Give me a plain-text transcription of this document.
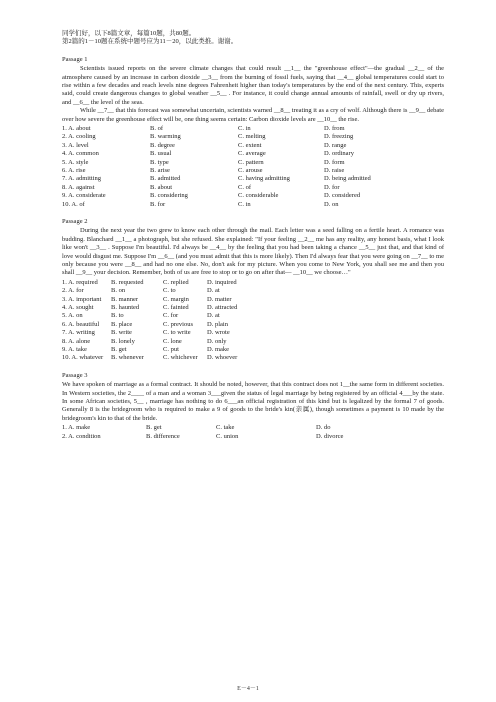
同学们好，以下8篇文章，每篇10题，共80题。

第2篇的1－10题在系统中题号应为11－20，以此类推。谢谢。

Passage 1

Scientists issued reports on the severe climate changes that could result __1__ the "greenhouse effect"—the gradual __2__ of the atmosphere caused by an increase in carbon dioxide __3__ from the burning of fossil fuels, saying that __4__ global temperatures could start to rise within a few decades and reach levels nine degrees Fahrenheit higher than today's temperatures by the end of the next century. This, experts said, could create dangerous changes to global weather __5__ . For instance, it could change annual amounts of rainfall, swell or dry up rivers, and __6__ the level of the seas.

While __7__ that this forecast was somewhat uncertain, scientists warned __8__ treating it as a cry of wolf. Although there is __9__ debate over how severe the greenhouse effect will be, one thing seems certain: Carbon dioxide levels are __10__ the rise.

1. A. about	B. of	C. in	D. from
2. A. cooling	B. warming	C. melting	D. freezing
3. A. level	B. degree	C. extent	D. range
4. A. common	B. usual	C. average	D. ordinary
5. A. style	B. type	C. pattern	D. form
6. A. rise	B. arise	C. arouse	D. raise
7. A. admitting	B. admitted	C. having admitting	D. being admitted
8. A. against	B. about	C. of	D. for
9. A. considerate	B. considering	C. considerable	D. considered
10. A. of	B. for	C. in	D. on
Passage 2

During the next year the two grew to know each other through the mail. Each letter was a seed falling on a fertile heart. A romance was budding. Blanchard __1__ a photograph, but she refused. She explained: "If your feeling __2__ me has any reality, any honest basis, what I look like won't __3__ . Suppose I'm beautiful. I'd always be __4__ by the feeling that you had been taking a chance __5__ just that, and that kind of love would disgust me. Suppose I'm __6__ (and you must admit that this is more likely). Then I'd always fear that you were going on __7__ to me only because you were __8__ and had no one else. No, don't ask for my picture. When you come to New York, you shall see me and then you shall __9__ your decision. Remember, both of us are free to stop or to go on after that— __10__ we choose…"

1. A. required	B. requested	C. replied	D. inquired
2. A. for	B. on	C. to	D. at
3. A. important	B. manner	C. margin	D. matter
4. A. sought	B. haunted	C. fainted	D. attracted
5. A. on	B. to	C. for	D. at
6. A. beautiful	B. place	C. previous	D. plain
7. A. writing	B. write	C. to write	D. wrote
8. A. alone	B. lonely	C. lone	D. only
9. A. take	B. get	C. put	D. make
10. A. whatever	B. whenever	C. whichever	D. whoever
Passage 3

We have spoken of marriage as a formal contract. It should be noted, however, that this contract does not 1__the same form in different societies. In Western societies, the 2____ of a man and a woman 3___given the status of legal marriage by being registered by an official 4___by the state. In some African societies, 5__ , marriage has nothing to do 6___an official registration of this kind but is legalized by the formal 7 of goods. Generally 8 is the bridegroom who is required to make a 9 of goods to the bride's kin(亲属), though sometimes a payment is 10 made by the bridegroom's kin to that of the bride.

1. A. make	B. get	C. take	D. do
2. A. condition	B. difference	C. union	D. divorce
E－4－1
